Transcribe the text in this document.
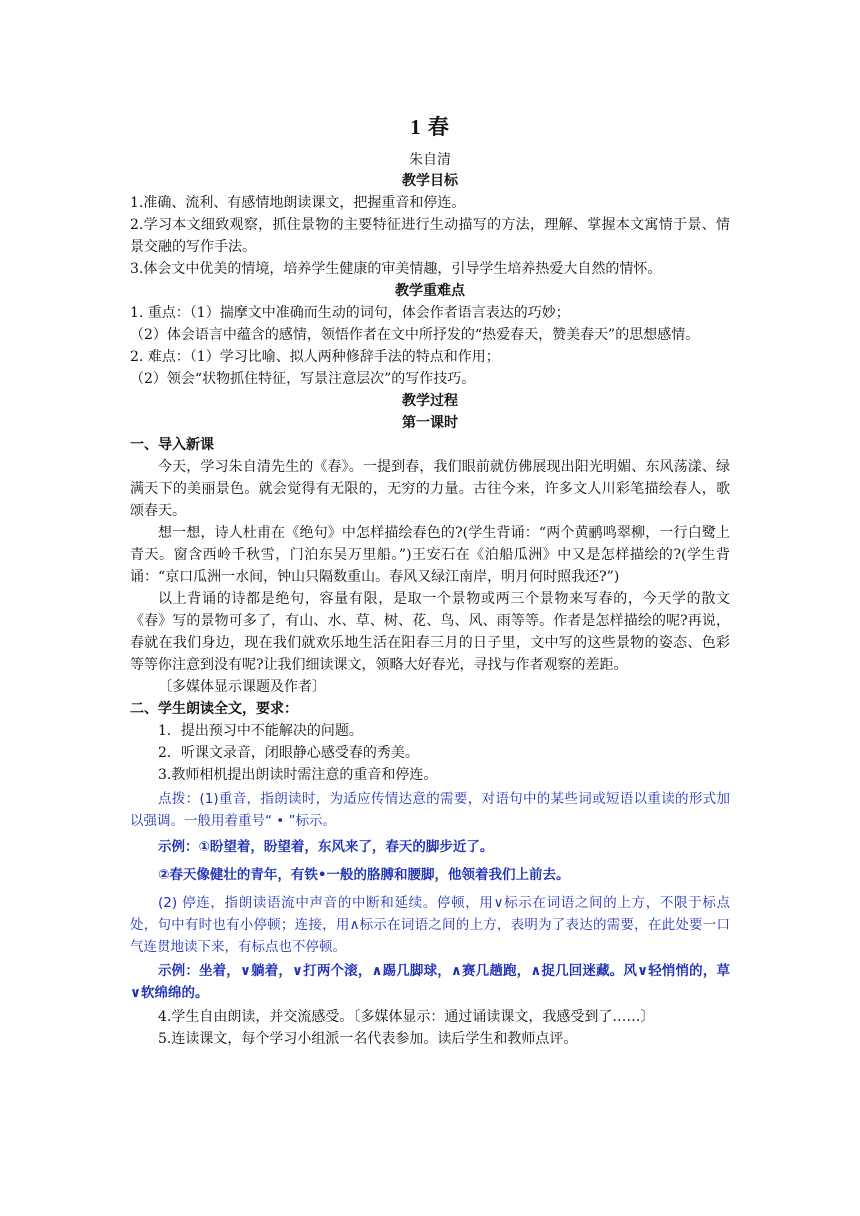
1 春
朱自清
教学目标

1.准确、流利、有感情地朗读课文，把握重音和停连。

2.学习本文细致观察，抓住景物的主要特征进行生动描写的方法，理解、掌握本文寓情于景、情景交融的写作手法。

3.体会文中优美的情境，培养学生健康的审美情趣，引导学生培养热爱大自然的情怀。

教学重难点

1. 重点：（1）揣摩文中准确而生动的词句，体会作者语言表达的巧妙；

（2）体会语言中蕴含的感情，领悟作者在文中所抒发的“热爱春天，赞美春天”的思想感情。

2. 难点：（1）学习比喻、拟人两种修辞手法的特点和作用；

（2）领会“状物抓住特征，写景注意层次”的写作技巧。

教学过程
第一课时

一、导入新课

今天，学习朱自清先生的《春》。一提到春，我们眼前就仿佛展现出阳光明媚、东风荡漾、绿满天下的美丽景色。就会觉得有无限的，无穷的力量。古往今来，许多文人川彩笔描绘春人，歌颂春天。

想一想，诗人杜甫在《绝句》中怎样描绘春色的?(学生背诵：“两个黄鹂鸣翠柳，一行白鹭上青天。窗含西岭千秋雪，门泊东吴万里船。”)王安石在《泊船瓜洲》中又是怎样描绘的?(学生背诵：“京口瓜洲一水间，钟山只隔数重山。春风又绿江南岸，明月何时照我还?”)

以上背诵的诗都是绝句，容量有限，是取一个景物或两三个景物来写春的，今天学的散文《春》写的景物可多了，有山、水、草、树、花、鸟、风、雨等等。作者是怎样描绘的呢?再说，春就在我们身边，现在我们就欢乐地生活在阳春三月的日子里，文中写的这些景物的姿态、色彩等等你注意到没有呢?让我们细读课文，领略大好春光，寻找与作者观察的差距。

〔多媒体显示课题及作者〕

二、学生朗读全文，要求：

1．提出预习中不能解决的问题。

2．听课文录音，闭眼静心感受春的秀美。

3.教师相机提出朗读时需注意的重音和停连。

点拨：(1)重音，指朗读时，为适应传情达意的需要，对语句中的某些词或短语以重读的形式加以强调。一般用着重号“ • ”标示。

示例：①盼望着，盼望着，东风来了，春天的脚步近了。

②春天像健壮的青年，有铁•一般的胳膊和腰脚，他领着我们上前去。

(2) 停连，指朗读语流中声音的中断和延续。停顿，用∨标示在词语之间的上方，不限于标点处，句中有时也有小停顿；连接，用∧标示在词语之间的上方，表明为了表达的需要，在此处要一口气连贯地读下来，有标点也不停顿。

示例：坐着，∨躺着，∨打两个滚，∧踢几脚球，∧赛几趟跑，∧捉几回迷藏。风∨轻悄悄的，草∨软绵绵的。

4.学生自由朗读，并交流感受。〔多媒体显示：通过诵读课文，我感受到了……〕

5.连读课文，每个学习小组派一名代表参加。读后学生和教师点评。
